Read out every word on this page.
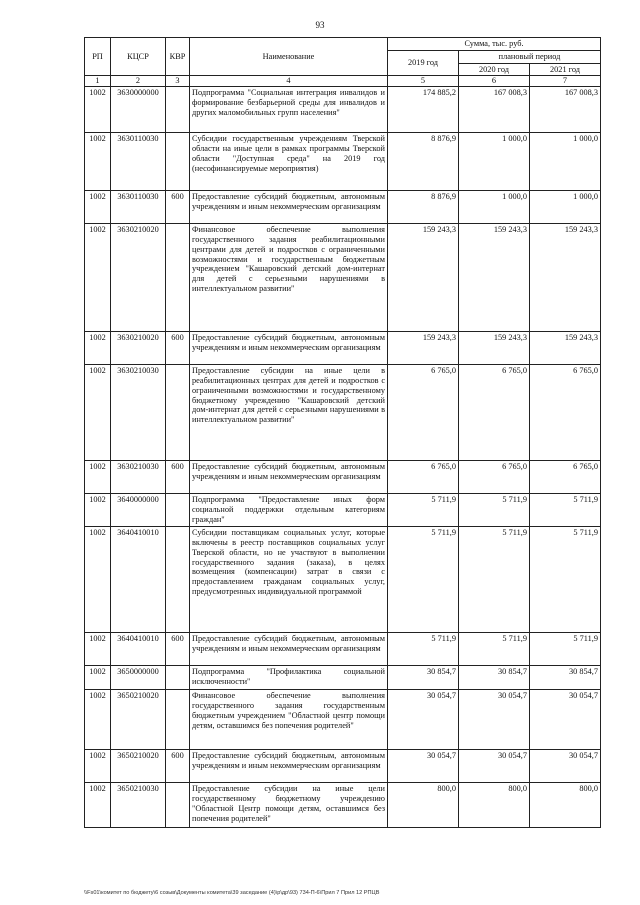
93
РП	КЦСР	КВР	Наименование	Сумма, тыс. руб.		
				2019 год	плановый период	
					2020 год	2021 год
1	2	3	4	5	6	7
1002	3630000000		Подпрограмма "Социальная интеграция инвалидов и формирование безбарьерной среды для инвалидов и других маломобильных групп населения"	174 885,2	167 008,3	167 008,3
1002	3630110030		Субсидии государственным учреждениям Тверской области на иные цели в рамках программы Тверской области "Доступная среда" на 2019 год (несофинансируемые мероприятия)	8 876,9	1 000,0	1 000,0
1002	3630110030	600	Предоставление субсидий бюджетным, автономным учреждениям и иным некоммерческим организациям	8 876,9	1 000,0	1 000,0
1002	3630210020		Финансовое обеспечение выполнения государственного задания реабилитационными центрами для детей и подростков с ограниченными возможностями и государственным бюджетным учреждением "Кашаровский детский дом-интернат для детей с серьезными нарушениями в интеллектуальном развитии"	159 243,3	159 243,3	159 243,3
1002	3630210020	600	Предоставление субсидий бюджетным, автономным учреждениям и иным некоммерческим организациям	159 243,3	159 243,3	159 243,3
1002	3630210030		Предоставление субсидии на иные цели в реабилитационных центрах для детей и подростков с ограниченными возможностями и государственному бюджетному учреждению "Кашаровский детский дом-интернат для детей с серьезными нарушениями в интеллектуальном развитии"	6 765,0	6 765,0	6 765,0
1002	3630210030	600	Предоставление субсидий бюджетным, автономным учреждениям и иным некоммерческим организациям	6 765,0	6 765,0	6 765,0
1002	3640000000		Подпрограмма "Предоставление иных форм социальной поддержки отдельным категориям граждан"	5 711,9	5 711,9	5 711,9
1002	3640410010		Субсидии поставщикам социальных услуг, которые включены в реестр поставщиков социальных услуг Тверской области, но не участвуют в выполнении государственного задания (заказа), в целях возмещения (компенсации) затрат в связи с предоставлением гражданам социальных услуг, предусмотренных индивидуальной программой	5 711,9	5 711,9	5 711,9
1002	3640410010	600	Предоставление субсидий бюджетным, автономным учреждениям и иным некоммерческим организациям	5 711,9	5 711,9	5 711,9
1002	3650000000		Подпрограмма "Профилактика социальной исключенности"	30 854,7	30 854,7	30 854,7
1002	3650210020		Финансовое обеспечение выполнения государственного задания государственным бюджетным учреждением "Областной центр помощи детям, оставшимся без попечения родителей"	30 054,7	30 054,7	30 054,7
1002	3650210020	600	Предоставление субсидий бюджетным, автономным учреждениям и иным некоммерческим организациям	30 054,7	30 054,7	30 054,7
1002	3650210030		Предоставление субсидии на иные цели государственному бюджетному учреждению "Областной Центр помощи детям, оставшимся без попечения родителей"	800,0	800,0	800,0
\\Fs01\комитет по бюджету\6 созыв\Документы комитета\39 заседание (4)\р\др\93) 734-П-6\Прил 7 Прил 12 РПЦВ
